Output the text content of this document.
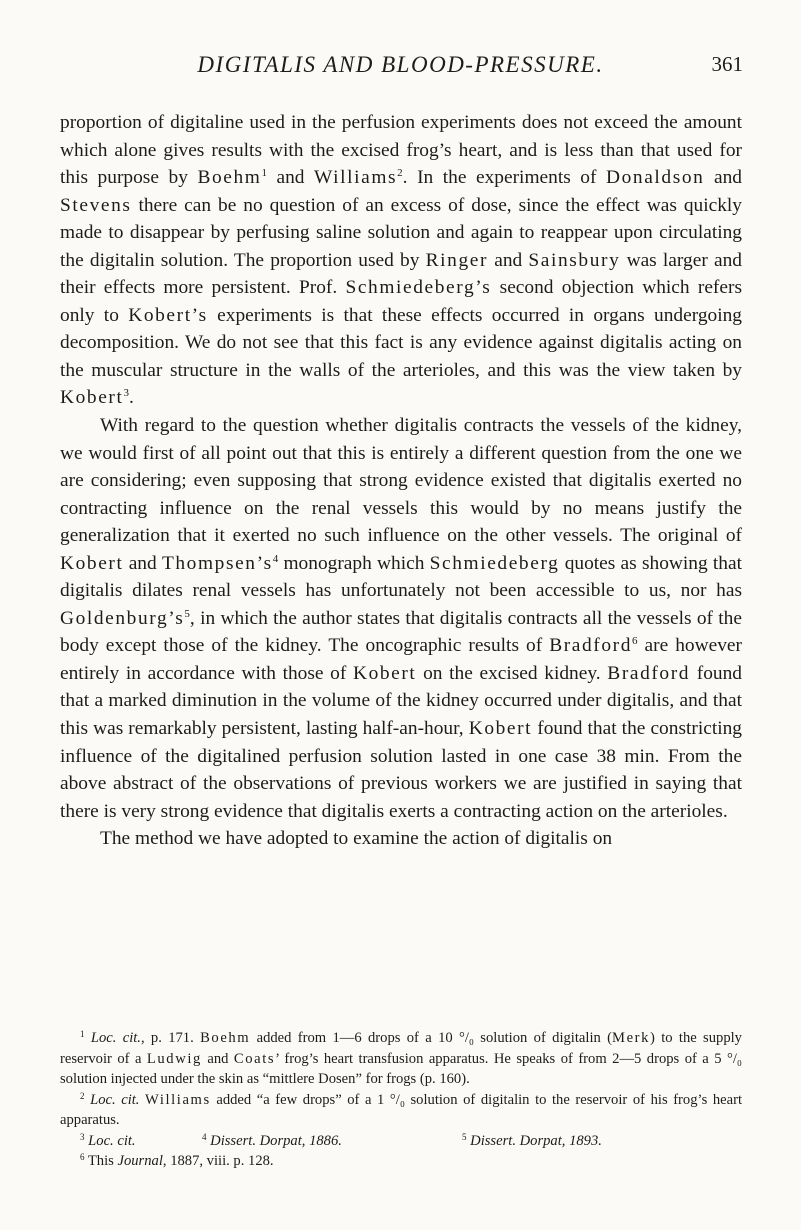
DIGITALIS AND BLOOD-PRESSURE.	361

proportion of digitaline used in the perfusion experiments does not exceed the amount which alone gives results with the excised frog’s heart, and is less than that used for this purpose by Boehm$^1$ and Williams$^2$. In the experiments of Donaldson and Stevens there can be no question of an excess of dose, since the effect was quickly made to disappear by perfusing saline solution and again to reappear upon circulating the digitalin solution. The proportion used by Ringer and Sainsbury was larger and their effects more persistent. Prof. Schmiedeberg’s second objection which refers only to Kobert’s experiments is that these effects occurred in organs undergoing decomposition. We do not see that this fact is any evidence against digitalis acting on the muscular structure in the walls of the arterioles, and this was the view taken by Kobert$^3$.

With regard to the question whether digitalis contracts the vessels of the kidney, we would first of all point out that this is entirely a different question from the one we are considering; even supposing that strong evidence existed that digitalis exerted no contracting influence on the renal vessels this would by no means justify the generalization that it exerted no such influence on the other vessels. The original of Kobert and $Thompsen’s^4$ monograph which Schmiedeberg quotes as showing that digitalis dilates renal vessels has unfortunately not been accessible to us, nor has $Goldenburg’s^5$, in which the author states that digitalis contracts all the vessels of the body except those of the kidney. The oncographic results of Bradford$^6$ are however entirely in accordance with those of Kobert on the excised kidney. Bradford found that a marked diminution in the volume of the kidney occurred under digitalis, and that this was remarkably persistent, lasting half-an-hour, Kobert found that the constricting influence of the digitalined perfusion solution lasted in one case 38 min. From the above abstract of the observations of previous workers we are justified in saying that there is very strong evidence that digitalis exerts a contracting action on the arterioles.

The method we have adopted to examine the action of digitalis on

$^1$ Loc. cit., p. 171. Boehm added from 1—6 drops of a 10 °/₀ solution of digitalin (Merk) to the supply reservoir of a Ludwig and Coats’ frog’s heart transfusion apparatus. He speaks of from 2—5 drops of a 5 °/₀ solution injected under the skin as “mittlere Dosen” for frogs (p. 160).

$^2$ Loc. cit. Williams added “a few drops” of a 1 °/₀ solution of digitalin to the reservoir of his frog’s heart apparatus.

$^3$ Loc. cit.	$^4$ Dissert. Dorpat, 1886.	$^5$ Dissert. Dorpat, 1893.

$^6$ This Journal, 1887, viii. p. 128.
